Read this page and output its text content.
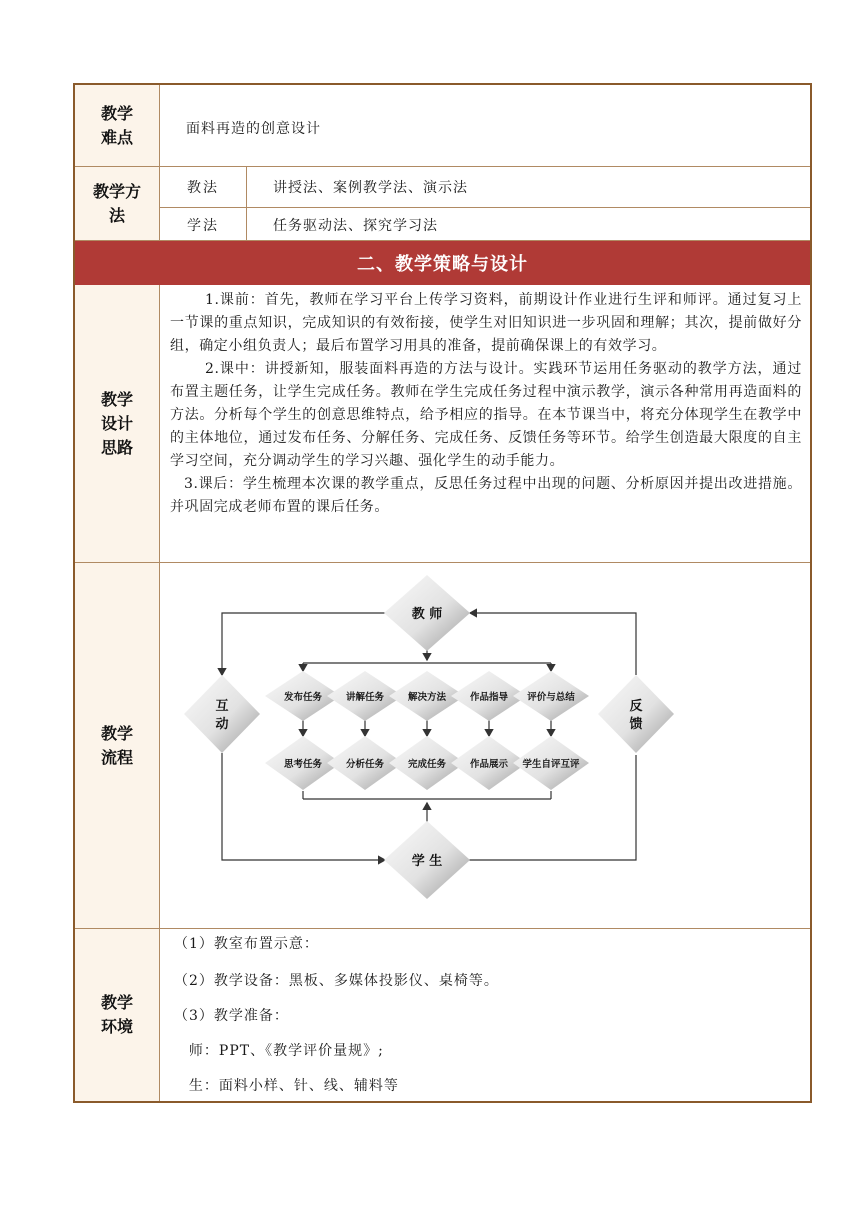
教学
难点	面料再造的创意设计
教学方
法
教法	讲授法、案例教学法、演示法
学法	任务驱动法、探究学习法
二、教学策略与设计
教学
设计
思路

1.课前：首先，教师在学习平台上传学习资料，前期设计作业进行生评和师评。通过复习上一节课的重点知识，完成知识的有效衔接，使学生对旧知识进一步巩固和理解；其次，提前做好分组，确定小组负责人；最后布置学习用具的准备，提前确保课上的有效学习。

2.课中：讲授新知，服装面料再造的方法与设计。实践环节运用任务驱动的教学方法，通过布置主题任务，让学生完成任务。教师在学生完成任务过程中演示教学，演示各种常用再造面料的方法。分析每个学生的创意思维特点，给予相应的指导。在本节课当中，将充分体现学生在教学中的主体地位，通过发布任务、分解任务、完成任务、反馈任务等环节。给学生创造最大限度的自主学习空间，充分调动学生的学习兴趣、强化学生的动手能力。

3.课后：学生梳理本次课的教学重点，反思任务过程中出现的问题、分析原因并提出改进措施。并巩固完成老师布置的课后任务。

教学
流程
教 师
学 生
互
动
反
馈
发布任务	讲解任务	解决方法	作品指导 评价与总结
思考任务	分析任务	完成任务	作品展示 学生自评互评
教学
环境
（1）教室布置示意：
（2）教学设备：黑板、多媒体投影仪、桌椅等。
（3）教学准备：
师：PPT、《教学评价量规》;
生：面料小样、针、线、辅料等
